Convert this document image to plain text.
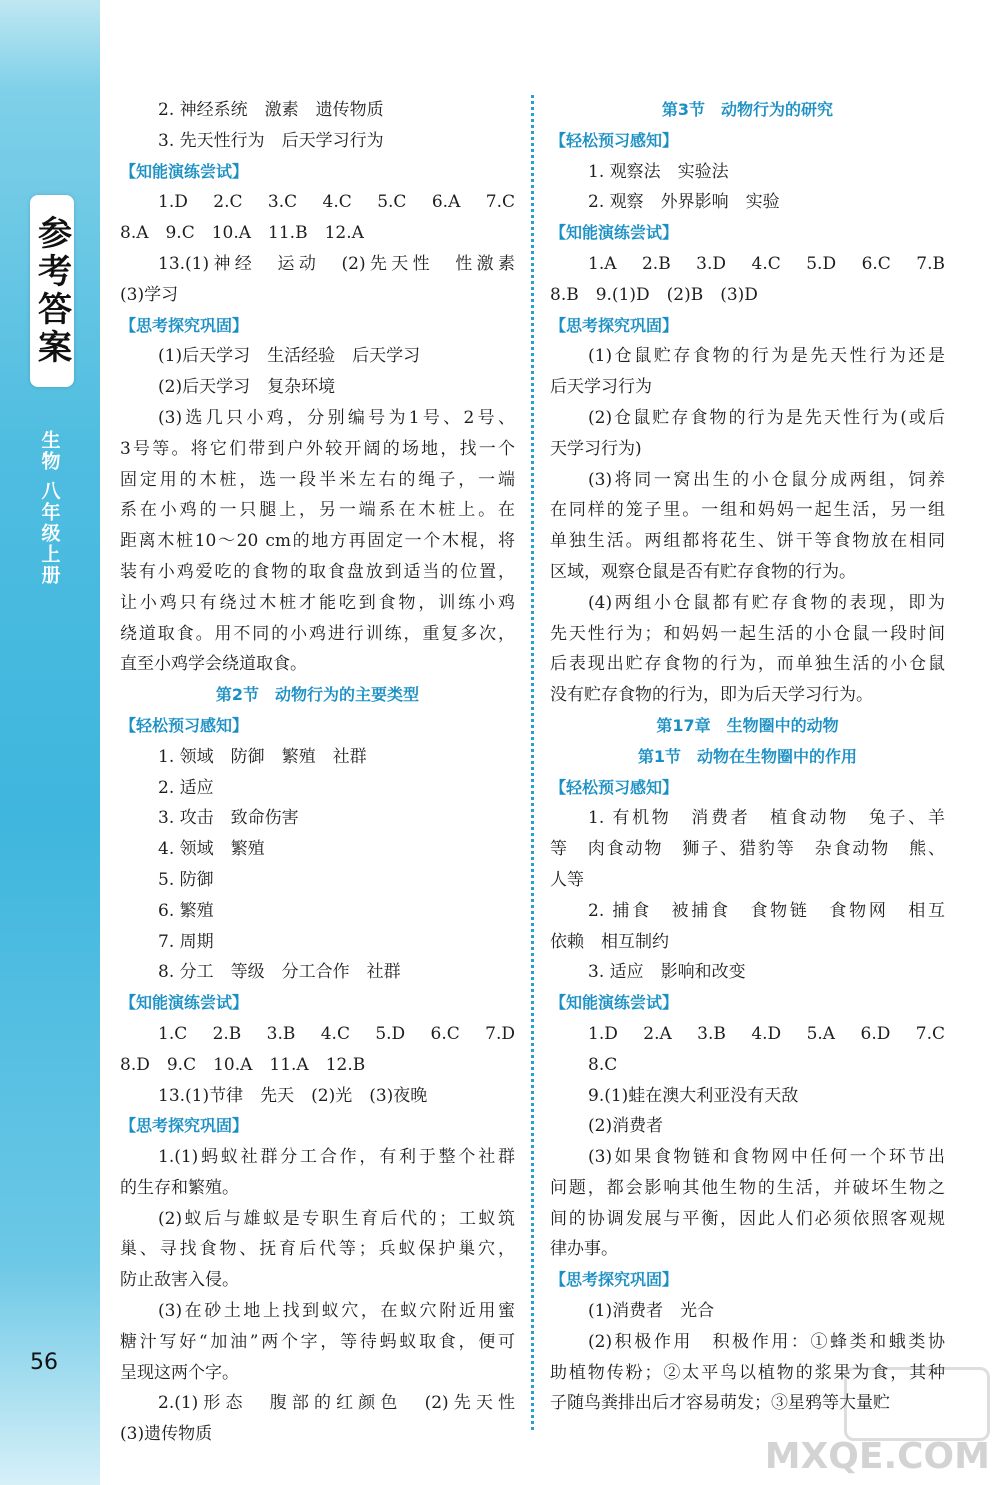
参考答案
生物 八年级上册
56
2. 神经系统　激素　遗传物质
3. 先天性行为　后天学习行为
【知能演练尝试】
1.D 2.C 3.C 4.C 5.C 6.A 7.C
8.A　9.C　10.A　11.B　12.A
13.(1)神经　运动　(2)先天性　性激素
(3)学习
【思考探究巩固】
(1)后天学习　生活经验　后天学习
(2)后天学习　复杂环境
(3)选几只小鸡，分别编号为1号、2号、
3号等。将它们带到户外较开阔的场地，找一个
固定用的木桩，选一段半米左右的绳子，一端
系在小鸡的一只腿上，另一端系在木桩上。在
距离木桩10～20 cm的地方再固定一个木棍，将
装有小鸡爱吃的食物的取食盘放到适当的位置，
让小鸡只有绕过木桩才能吃到食物，训练小鸡
绕道取食。用不同的小鸡进行训练，重复多次，
直至小鸡学会绕道取食。
第2节　动物行为的主要类型
【轻松预习感知】
1. 领域　防御　繁殖　社群
2. 适应
3. 攻击　致命伤害
4. 领域　繁殖
5. 防御
6. 繁殖
7. 周期
8. 分工　等级　分工合作　社群
【知能演练尝试】
1.C 2.B 3.B 4.C 5.D 6.C 7.D
8.D　9.C　10.A　11.A　12.B
13.(1)节律　先天　(2)光　(3)夜晚
【思考探究巩固】
1.(1)蚂蚁社群分工合作，有利于整个社群
的生存和繁殖。
(2)蚁后与雄蚁是专职生育后代的；工蚁筑
巢、寻找食物、抚育后代等；兵蚁保护巢穴，
防止敌害入侵。
(3)在砂土地上找到蚁穴，在蚁穴附近用蜜
糖汁写好“加油”两个字，等待蚂蚁取食，便可
呈现这两个字。
2.(1)形态　腹部的红颜色　(2)先天性
(3)遗传物质
第3节　动物行为的研究
【轻松预习感知】
1. 观察法　实验法
2. 观察　外界影响　实验
【知能演练尝试】
1.A 2.B 3.D 4.C 5.D 6.C 7.B
8.B　9.(1)D　(2)B　(3)D
【思考探究巩固】
(1)仓鼠贮存食物的行为是先天性行为还是
后天学习行为
(2)仓鼠贮存食物的行为是先天性行为(或后
天学习行为)
(3)将同一窝出生的小仓鼠分成两组，饲养
在同样的笼子里。一组和妈妈一起生活，另一组
单独生活。两组都将花生、饼干等食物放在相同
区域，观察仓鼠是否有贮存食物的行为。
(4)两组小仓鼠都有贮存食物的表现，即为
先天性行为；和妈妈一起生活的小仓鼠一段时间
后表现出贮存食物的行为，而单独生活的小仓鼠
没有贮存食物的行为，即为后天学习行为。
第17章　生物圈中的动物
第1节　动物在生物圈中的作用
【轻松预习感知】
1. 有机物　消费者　植食动物　兔子、羊
等　肉食动物　狮子、猎豹等　杂食动物　熊、
人等
2. 捕食　被捕食　食物链　食物网　相互
依赖　相互制约
3. 适应　影响和改变
【知能演练尝试】
1.D 2.A 3.B 4.D 5.A 6.D 7.C
8.C
9.(1)蛙在澳大利亚没有天敌
(2)消费者
(3)如果食物链和食物网中任何一个环节出
问题，都会影响其他生物的生活，并破坏生物之
间的协调发展与平衡，因此人们必须依照客观规
律办事。
【思考探究巩固】
(1)消费者　光合
(2)积极作用　积极作用：①蜂类和蛾类协
助植物传粉；②太平鸟以植物的浆果为食，其种
子随鸟粪排出后才容易萌发；③星鸦等大量贮
MXQE.COM
